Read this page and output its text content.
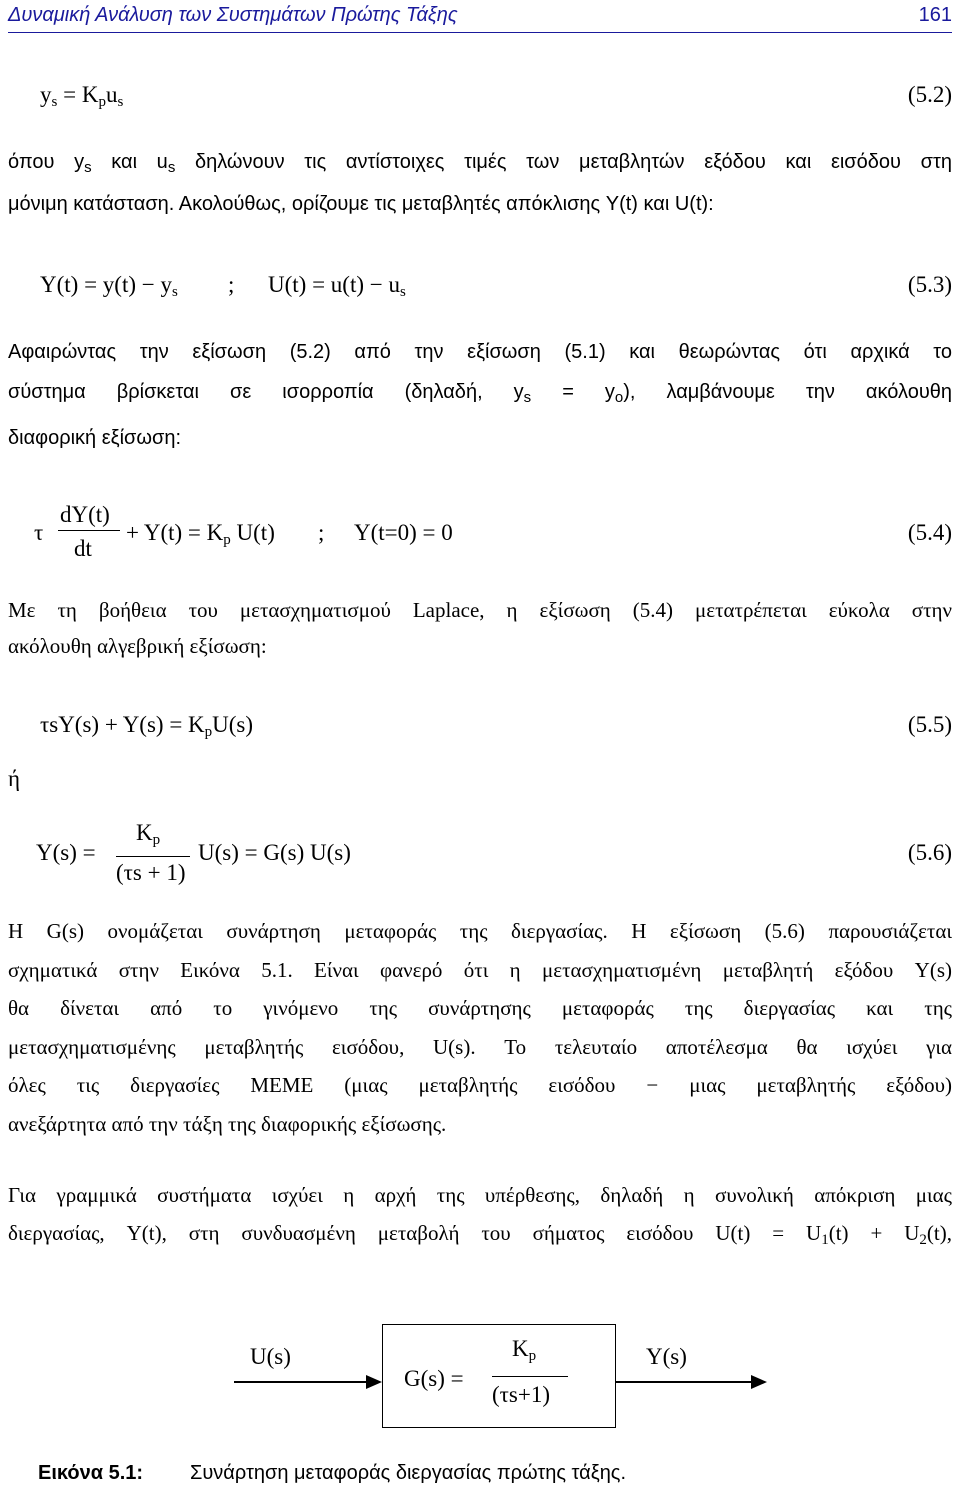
Δυναμική Ανάλυση των Συστημάτων Πρώτης Τάξης	161
$y_s = K_pu_s$	(5.2)
όπου $y_s$ και $u_s$ δηλώνουν τις αντίστοιχες τιμές των μεταβλητών εξόδου και εισόδου στη
μόνιμη κατάσταση. Ακολούθως, ορίζουμε τις μεταβλητές απόκλισης Y(t) και U(t):
$Y(t) = y(t) - y_s$ ; $U(t) = u(t) - u_s$	(5.3)
Αφαιρώντας την εξίσωση (5.2) από την εξίσωση (5.1) και θεωρώντας ότι αρχικά το
σύστημα βρίσκεται σε ισορροπία (δηλαδή, $y_s = y_o$), λαμβάνουμε την ακόλουθη
διαφορική εξίσωση:
τ
dY(t)
dt
+ $Y(t) = K_p$ U(t) ; Y(t=0) = 0	(5.4)
Με τη βοήθεια του μετασχηματισμού Laplace, η εξίσωση (5.4) μετατρέπεται εύκολα στην
ακόλουθη αλγεβρική εξίσωση:
$\tau sY(s) + Y(s) = K_pU(s)$	(5.5)
ή
Y(s) =
$K_p$
(τs + 1)
U(s) = G(s) U(s)	(5.6)
Η G(s) ονομάζεται συνάρτηση μεταφοράς της διεργασίας. Η εξίσωση (5.6) παρουσιάζεται
σχηματικά στην Εικόνα 5.1. Είναι φανερό ότι η μετασχηματισμένη μεταβλητή εξόδου Y(s)
θα δίνεται από το γινόμενο της συνάρτησης μεταφοράς της διεργασίας και της
μετασχηματισμένης μεταβλητής εισόδου, U(s). Το τελευταίο αποτέλεσμα θα ισχύει για
όλες τις διεργασίες ΜΕΜΕ (μιας μεταβλητής εισόδου − μιας μεταβλητής εξόδου)
ανεξάρτητα από την τάξη της διαφορικής εξίσωσης.
Για γραμμικά συστήματα ισχύει η αρχή της υπέρθεσης, δηλαδή η συνολική απόκριση μιας
διεργασίας, Y(t), στη συνδυασμένη μεταβολή του σήματος εισόδου $U(t) = U_1(t) + U_2(t)$,
U(s)
G(s) =
$K_p$
(τs+1)
Y(s)
Εικόνα 5.1: Συνάρτηση μεταφοράς διεργασίας πρώτης τάξης.
